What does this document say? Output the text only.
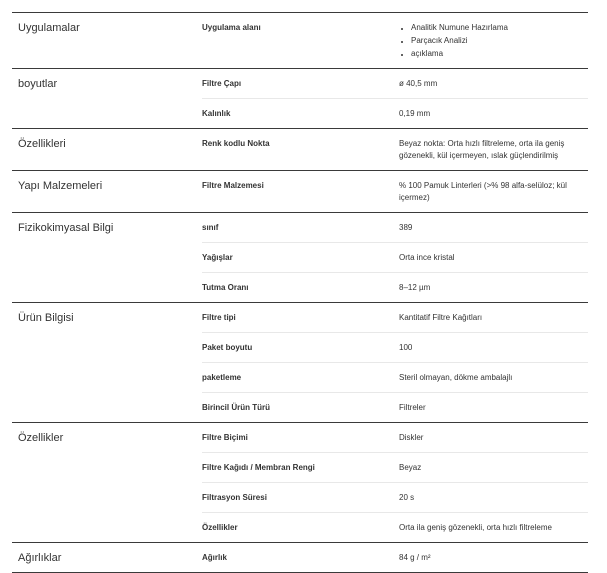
Uygulamalar	Uygulama alanı
•	Analitik Numune Hazırlama
• Parçacık Analizi
• açıklama
boyutlar	Filtre Çapı	ø 40,5 mm
Kalınlık	0,19 mm
Özellikleri	Renk kodlu Nokta	Beyaz nokta: Orta hızlı filtreleme, orta ila geniş gözenekli, kül içermeyen, ıslak güçlendirilmiş
Yapı Malzemeleri	Filtre Malzemesi	% 100 Pamuk Linterleri (>% 98 alfa-selüloz; kül içermez)
Fizikokimyasal Bilgi	sınıf	389
Yağışlar	Orta ince kristal
Tutma Oranı	8–12 µm
Ürün Bilgisi	Filtre tipi	Kantitatif Filtre Kağıtları
Paket boyutu	100
paketleme	Steril olmayan, dökme ambalajlı
Birincil Ürün Türü	Filtreler
Özellikler	Filtre Biçimi	Diskler
Filtre Kağıdı / Membran Rengi	Beyaz
Filtrasyon Süresi	20 s
Özellikler	Orta ila geniş gözenekli, orta hızlı filtreleme
Ağırlıklar	Ağırlık	84 g / m²
